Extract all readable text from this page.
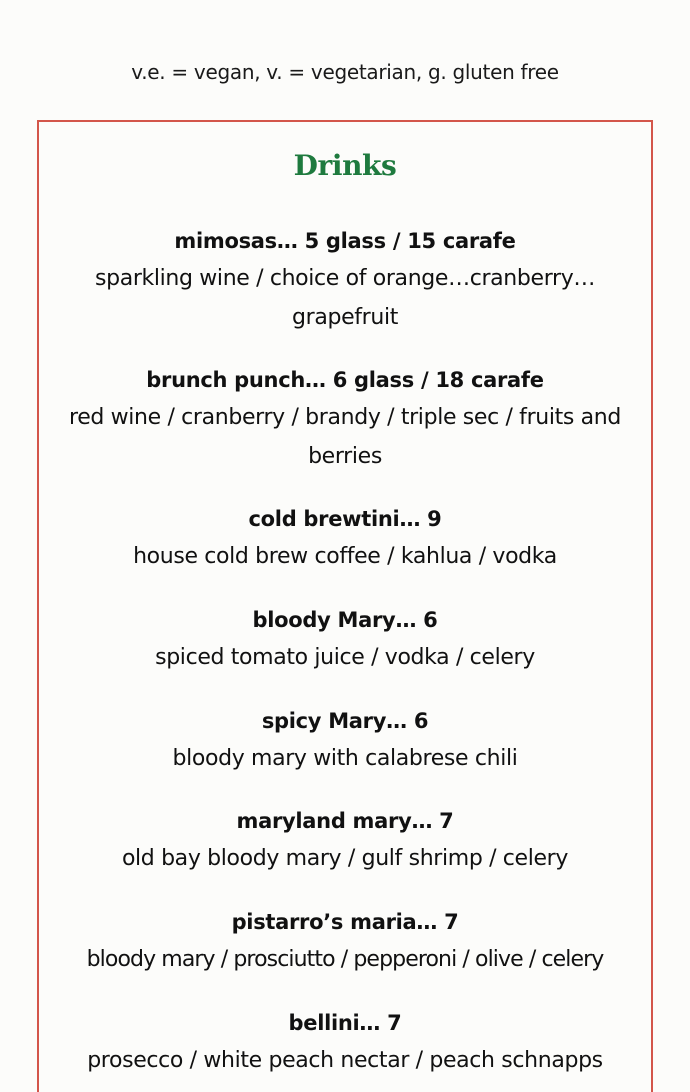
v.e. = vegan, v. = vegetarian, g. gluten free
Drinks
mimosas… 5 glass / 15 carafe
sparkling wine / choice of orange…cranberry… grapefruit
brunch punch… 6 glass / 18 carafe
red wine / cranberry / brandy / triple sec / fruits and berries
cold brewtini… 9
house cold brew coffee / kahlua / vodka
bloody Mary… 6
spiced tomato juice / vodka / celery
spicy Mary… 6
bloody mary with calabrese chili
maryland mary… 7
old bay bloody mary / gulf shrimp / celery
pistarro’s maria… 7
bloody mary / prosciutto / pepperoni / olive / celery
bellini… 7
prosecco / white peach nectar / peach schnapps
